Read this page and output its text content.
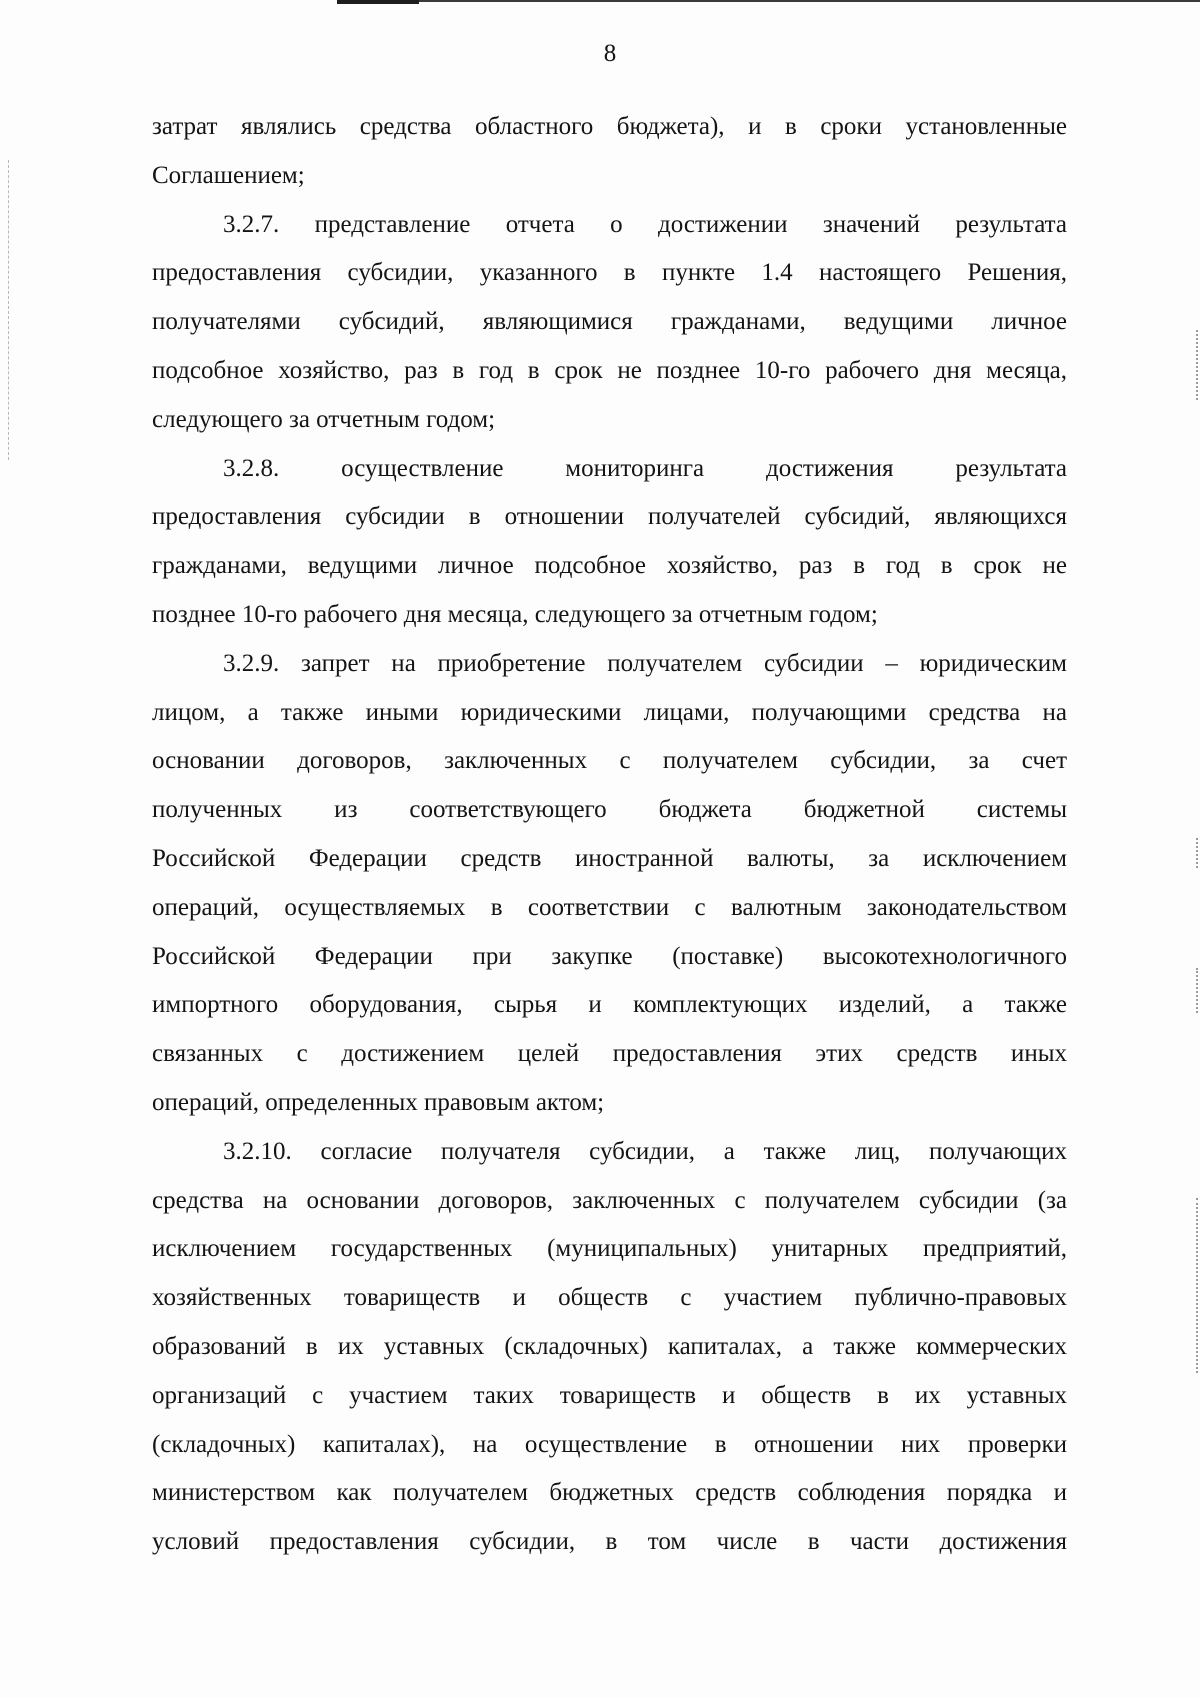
8
затрат являлись средства областного бюджета), и в сроки установленные
Соглашением;
3.2.7. представление отчета о достижении значений результата
предоставления субсидии, указанного в пункте 1.4 настоящего Решения,
получателями субсидий, являющимися гражданами, ведущими личное
подсобное хозяйство, раз в год в срок не позднее 10-го рабочего дня месяца,
следующего за отчетным годом;
3.2.8. осуществление мониторинга достижения результата
предоставления субсидии в отношении получателей субсидий, являющихся
гражданами, ведущими личное подсобное хозяйство, раз в год в срок не
позднее 10-го рабочего дня месяца, следующего за отчетным годом;
3.2.9. запрет на приобретение получателем субсидии – юридическим
лицом, а также иными юридическими лицами, получающими средства на
основании договоров, заключенных с получателем субсидии, за счет
полученных из соответствующего бюджета бюджетной системы
Российской Федерации средств иностранной валюты, за исключением
операций, осуществляемых в соответствии с валютным законодательством
Российской Федерации при закупке (поставке) высокотехнологичного
импортного оборудования, сырья и комплектующих изделий, а также
связанных с достижением целей предоставления этих средств иных
операций, определенных правовым актом;
3.2.10. согласие получателя субсидии, а также лиц, получающих
средства на основании договоров, заключенных с получателем субсидии (за
исключением государственных (муниципальных) унитарных предприятий,
хозяйственных товариществ и обществ с участием публично-правовых
образований в их уставных (складочных) капиталах, а также коммерческих
организаций с участием таких товариществ и обществ в их уставных
(складочных) капиталах), на осуществление в отношении них проверки
министерством как получателем бюджетных средств соблюдения порядка и
условий предоставления субсидии, в том числе в части достижения
